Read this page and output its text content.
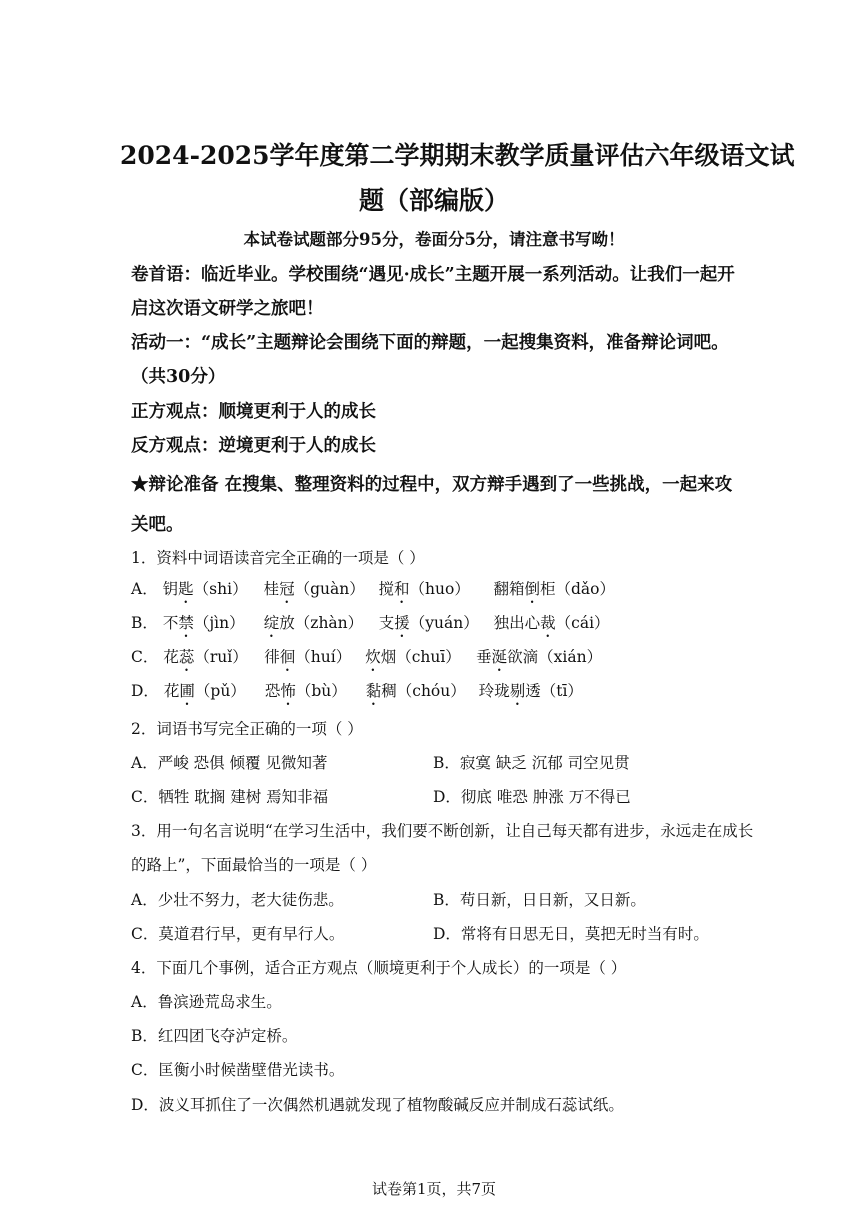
2024-2025学年度第二学期期末教学质量评估六年级语文试
题（部编版）
本试卷试题部分95分，卷面分5分，请注意书写呦！
卷首语：临近毕业。学校围绕“遇见·成长”主题开展一系列活动。让我们一起开
启这次语文研学之旅吧！
活动一：“成长”主题辩论会围绕下面的辩题，一起搜集资料，准备辩论词吧。
（共30分）
正方观点：顺境更利于人的成长
反方观点：逆境更利于人的成长
★辩论准备 在搜集、整理资料的过程中，双方辩手遇到了一些挑战，一起来攻
关吧。
1．资料中词语读音完全正确的一项是（ ）
A． 钥匙（shi） 桂冠（guàn） 搅和（huo） 翻箱倒柜（dǎo）
B． 不禁（jìn） 绽放（zhàn） 支援（yuán） 独出心裁（cái）
C． 花蕊（ruǐ） 徘徊（huí） 炊烟（chuī） 垂涎欲滴（xián）
D． 花圃（pǔ） 恐怖（bù） 黏稠（chóu） 玲珑剔透（tī）
2．词语书写完全正确的一项（ ）
A．严峻 恐俱 倾覆 见微知著	B．寂寞 缺乏 沉郁 司空见贯
C．牺牲 耽搁 建树 焉知非福	D．彻底 唯恐 肿涨 万不得已
3．用一句名言说明“在学习生活中，我们要不断创新，让自己每天都有进步，永远走在成长
的路上”，下面最恰当的一项是（ ）
A．少壮不努力，老大徒伤悲。	B．苟日新，日日新，又日新。
C．莫道君行早，更有早行人。	D．常将有日思无日，莫把无时当有时。
4．下面几个事例，适合正方观点（顺境更利于个人成长）的一项是（ ）
A．鲁滨逊荒岛求生。
B．红四团飞夺泸定桥。
C．匡衡小时候凿壁借光读书。
D．波义耳抓住了一次偶然机遇就发现了植物酸碱反应并制成石蕊试纸。
试卷第1页，共7页
